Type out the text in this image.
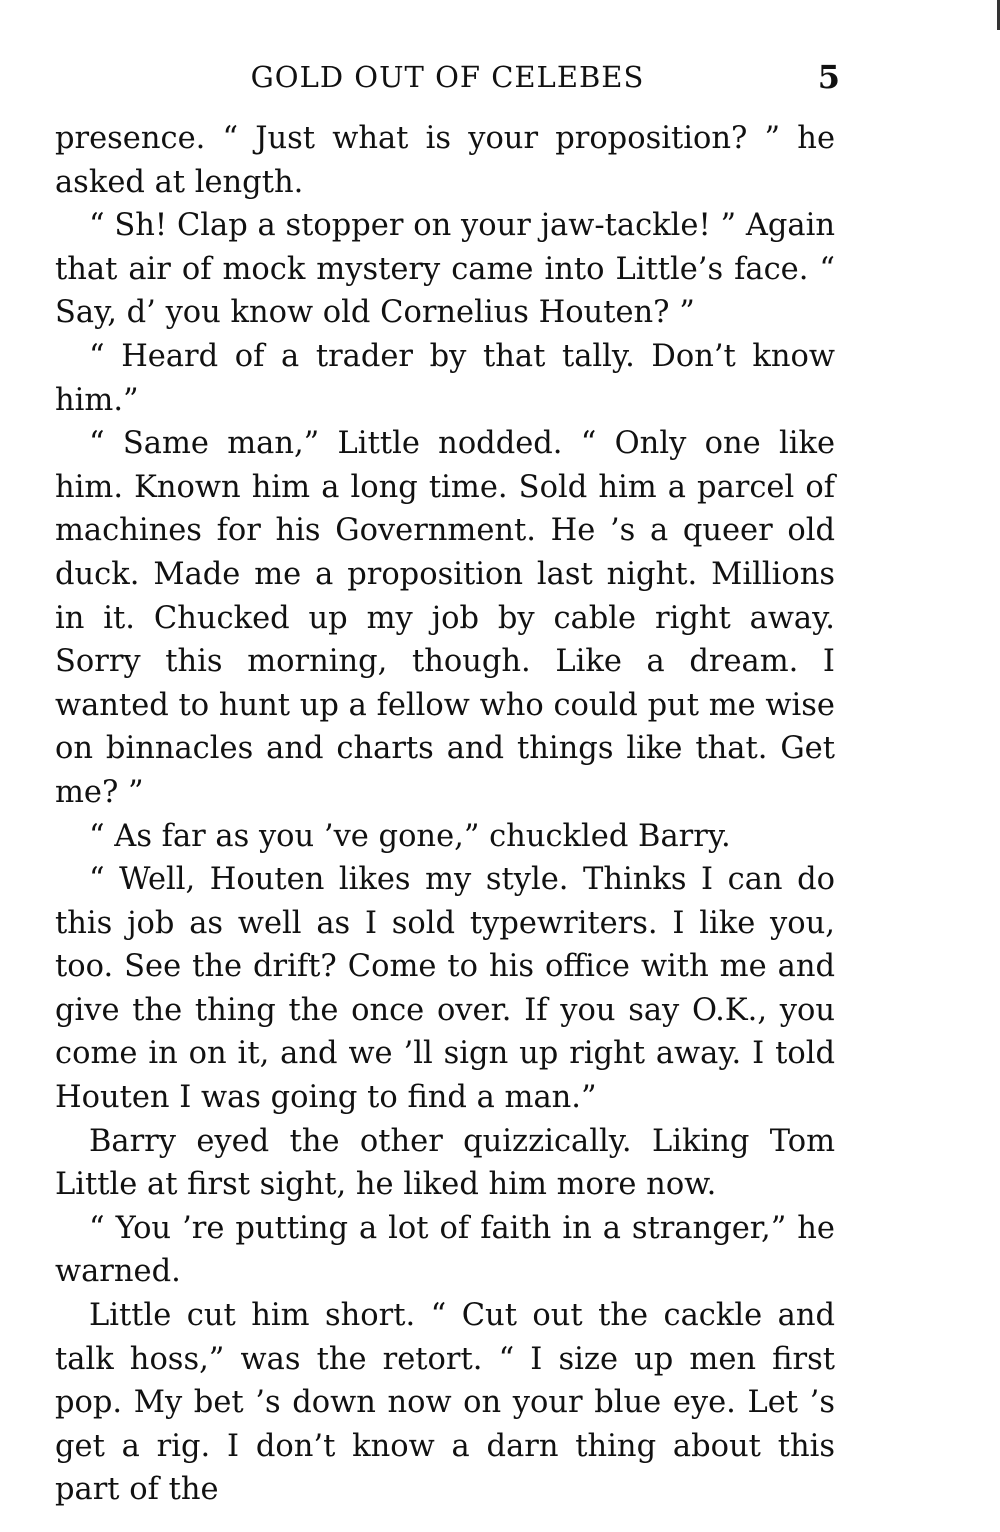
GOLD OUT OF CELEBES	5

presence. “ Just what is your proposition? ” he asked at length.

“ Sh! Clap a stopper on your jaw-tackle! ” Again that air of mock mystery came into Little’s face. “ Say, d’ you know old Cornelius Houten? ”

“ Heard of a trader by that tally. Don’t know him.”

“ Same man,” Little nodded. “ Only one like him. Known him a long time. Sold him a parcel of machines for his Government. He ’s a queer old duck. Made me a proposition last night. Millions in it. Chucked up my job by cable right away. Sorry this morning, though. Like a dream. I wanted to hunt up a fellow who could put me wise on binnacles and charts and things like that. Get me? ”

“ As far as you ’ve gone,” chuckled Barry.

“ Well, Houten likes my style. Thinks I can do this job as well as I sold typewriters. I like you, too. See the drift? Come to his office with me and give the thing the once over. If you say O.K., you come in on it, and we ’ll sign up right away. I told Houten I was going to find a man.”

Barry eyed the other quizzically. Liking Tom Little at first sight, he liked him more now.

“ You ’re putting a lot of faith in a stranger,” he warned.

Little cut him short. “ Cut out the cackle and talk hoss,” was the retort. “ I size up men first pop. My bet ’s down now on your blue eye. Let ’s get a rig. I don’t know a darn thing about this part of the
